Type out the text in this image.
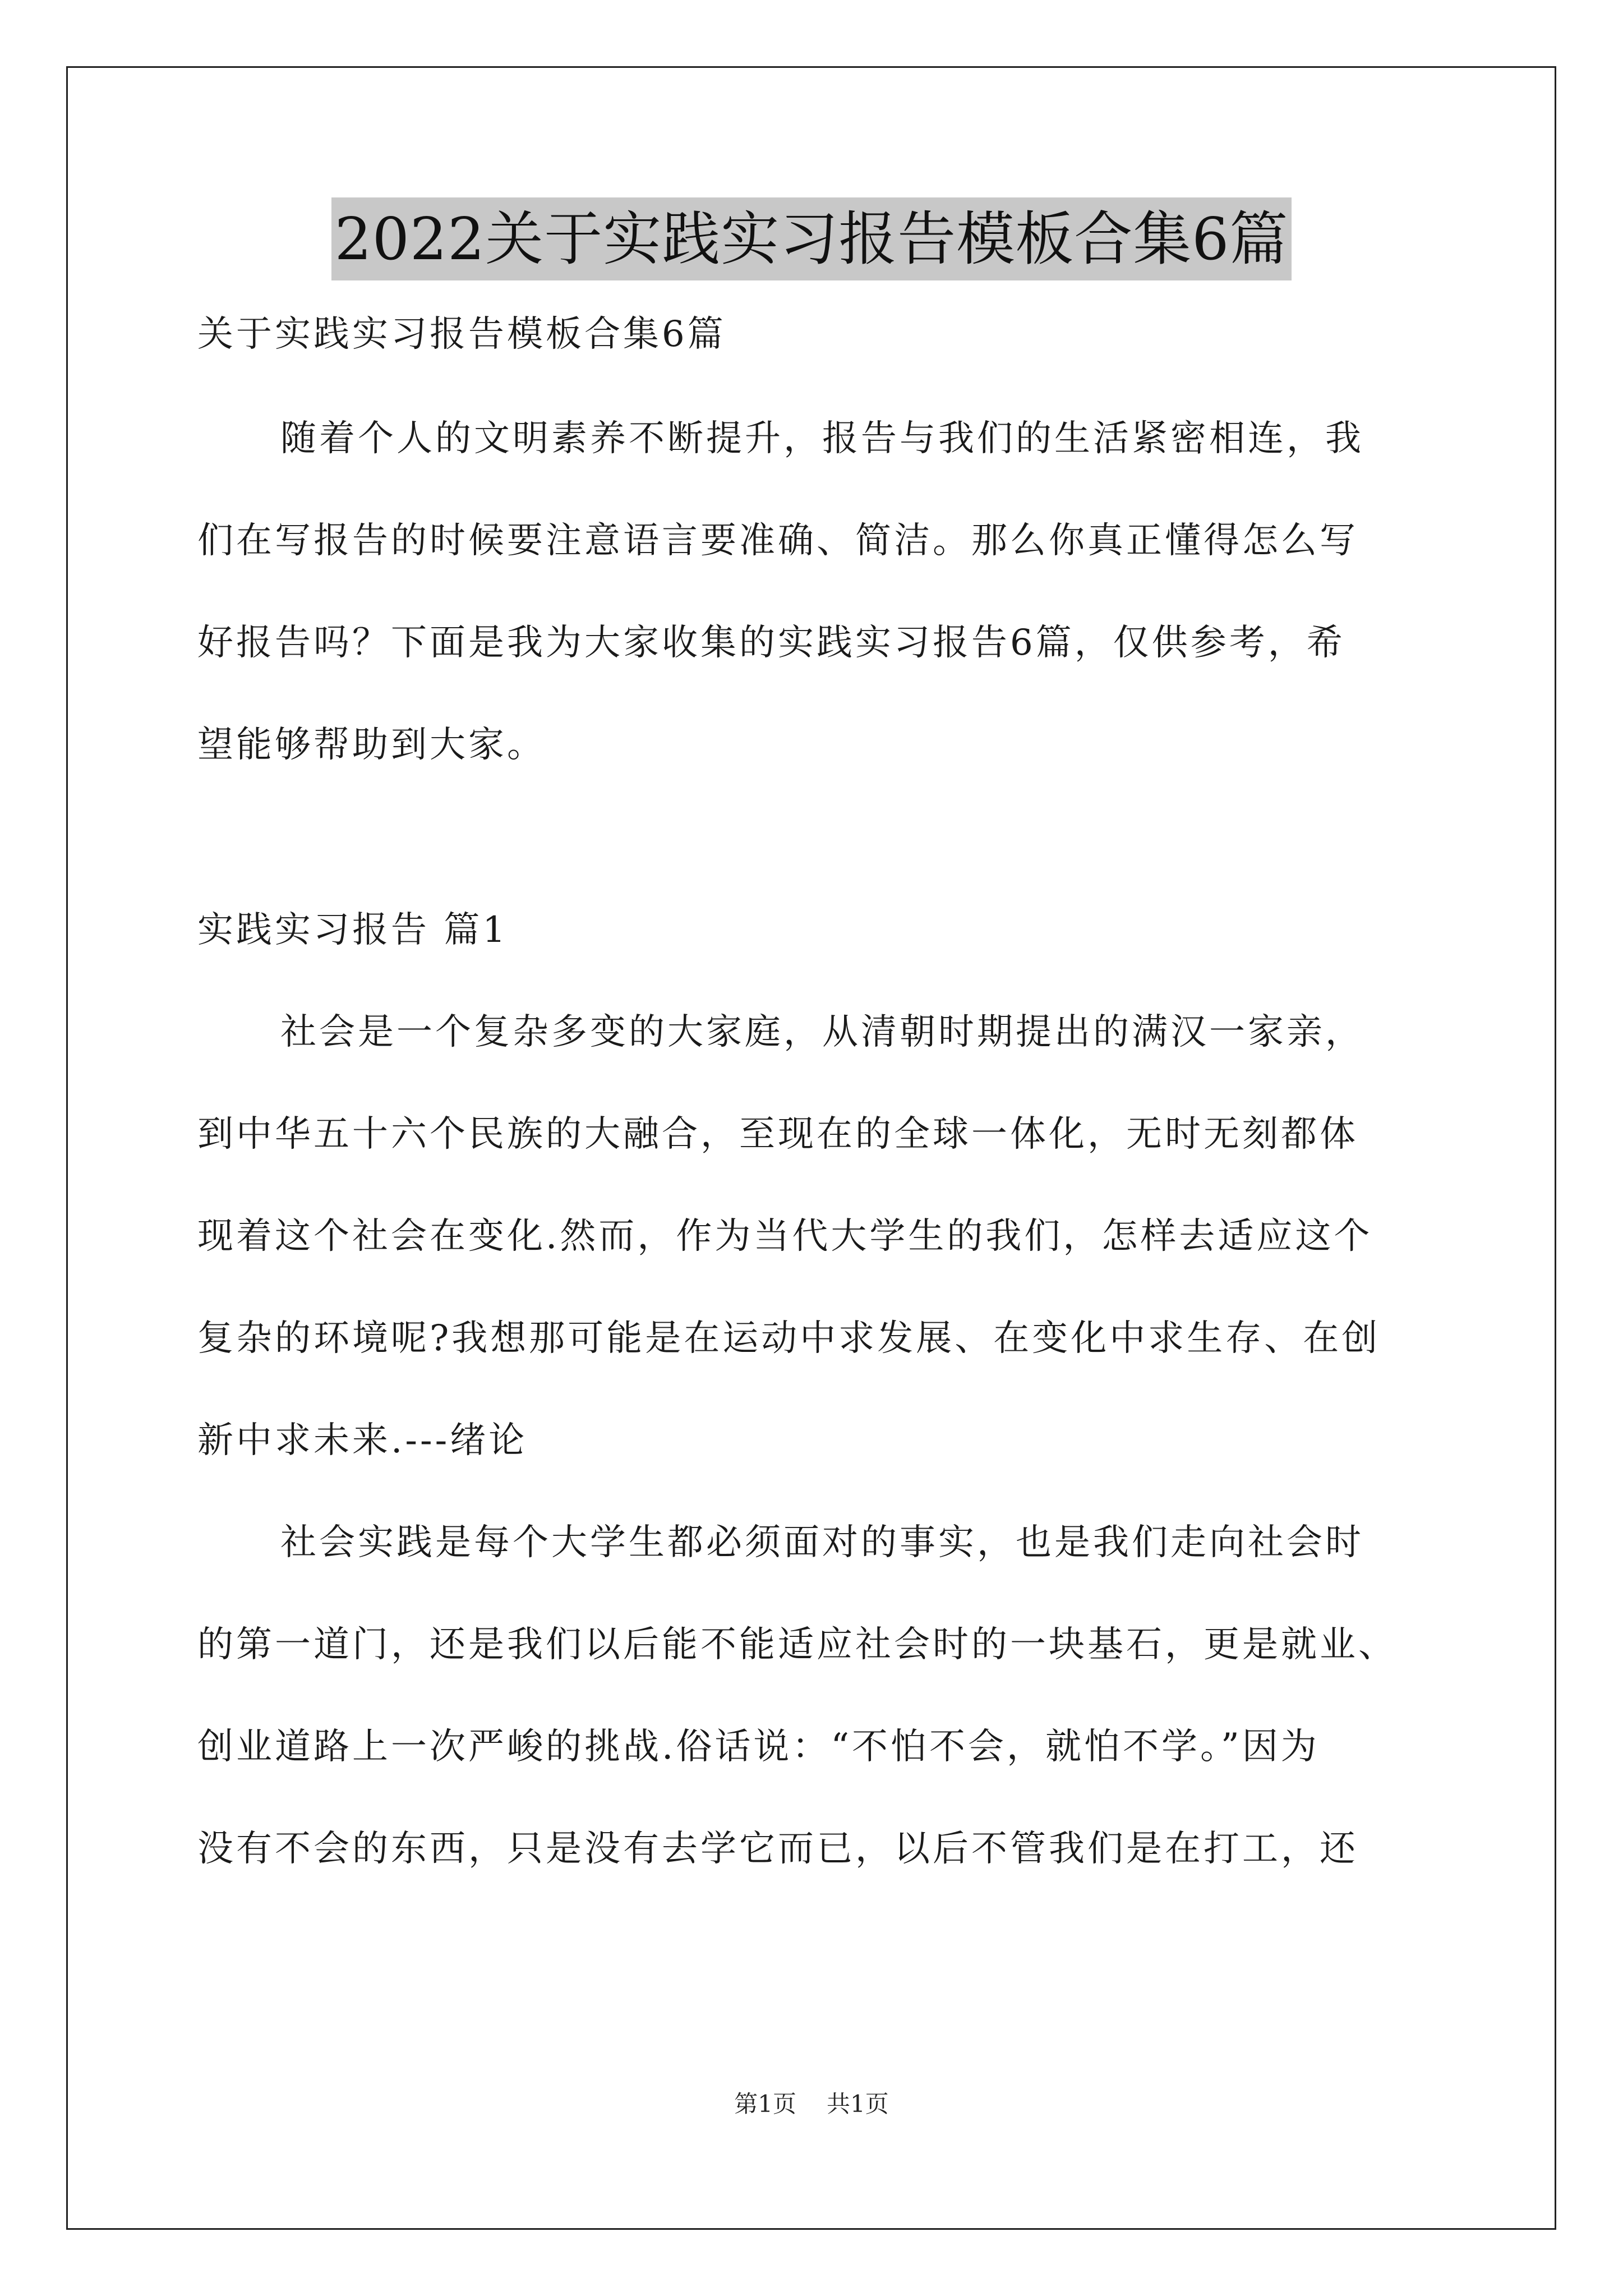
2022关于实践实习报告模板合集6篇
关于实践实习报告模板合集6篇
随着个人的文明素养不断提升，报告与我们的生活紧密相连，我
们在写报告的时候要注意语言要准确、简洁。那么你真正懂得怎么写
好报告吗？下面是我为大家收集的实践实习报告6篇，仅供参考，希
望能够帮助到大家。
实践实习报告 篇1
社会是一个复杂多变的大家庭，从清朝时期提出的满汉一家亲，
到中华五十六个民族的大融合，至现在的全球一体化，无时无刻都体
现着这个社会在变化.然而，作为当代大学生的我们，怎样去适应这个
复杂的环境呢?我想那可能是在运动中求发展、在变化中求生存、在创
新中求未来.---绪论
社会实践是每个大学生都必须面对的事实，也是我们走向社会时
的第一道门，还是我们以后能不能适应社会时的一块基石，更是就业、
创业道路上一次严峻的挑战.俗话说：“不怕不会，就怕不学。”因为
没有不会的东西，只是没有去学它而已，以后不管我们是在打工，还
第1页 共1页
